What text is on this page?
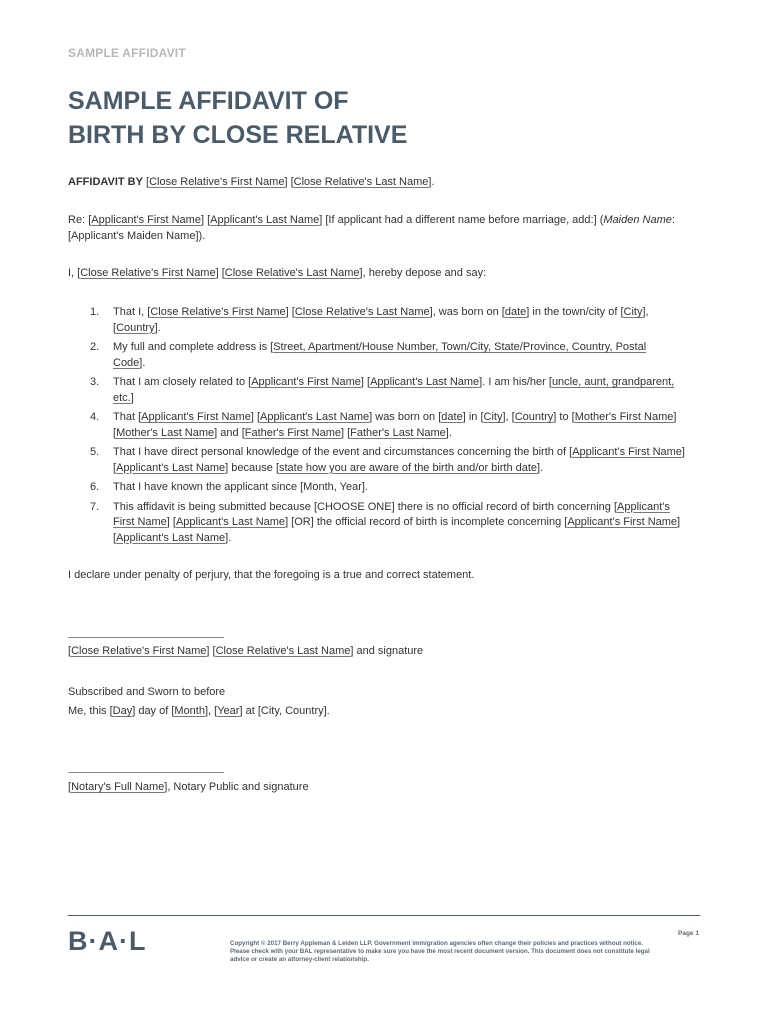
SAMPLE AFFIDAVIT
SAMPLE AFFIDAVIT OF
BIRTH BY CLOSE RELATIVE
AFFIDAVIT BY [Close Relative's First Name] [Close Relative's Last Name].
Re: [Applicant's First Name] [Applicant's Last Name] [If applicant had a different name before marriage, add:] (Maiden Name:
[Applicant's Maiden Name]).
I, [Close Relative's First Name] [Close Relative's Last Name], hereby depose and say:
1. That I, [Close Relative's First Name] [Close Relative's Last Name], was born on [date] in the town/city of [City],
[Country].
2. My full and complete address is [Street, Apartment/House Number, Town/City, State/Province, Country, Postal
Code].
3. That I am closely related to [Applicant's First Name] [Applicant's Last Name]. I am his/her [uncle, aunt, grandparent,
etc.]
4. That [Applicant's First Name] [Applicant's Last Name] was born on [date] in [City], [Country] to [Mother's First Name]
[Mother's Last Name] and [Father's First Name] [Father's Last Name].
5. That I have direct personal knowledge of the event and circumstances concerning the birth of [Applicant's First Name]
[Applicant's Last Name] because [state how you are aware of the birth and/or birth date].
6. That I have known the applicant since [Month, Year].
7. This affidavit is being submitted because [CHOOSE ONE] there is no official record of birth concerning [Applicant's
First Name] [Applicant's Last Name] [OR] the official record of birth is incomplete concerning [Applicant's First Name]
[Applicant's Last Name].
I declare under penalty of perjury, that the foregoing is a true and correct statement.
[Close Relative's First Name] [Close Relative's Last Name] and signature
Subscribed and Sworn to before
Me, this [Day] day of [Month], [Year] at [City, Country].
[Notary's Full Name], Notary Public and signature
B·A·L	Copyright © 2017 Berry Appleman & Leiden LLP. Government immigration agencies often change their policies and practices without notice. Please check with your BAL representative to make sure you have the most recent document version. This document does not constitute legal advice or create an attorney-client relationship.
Page 1
